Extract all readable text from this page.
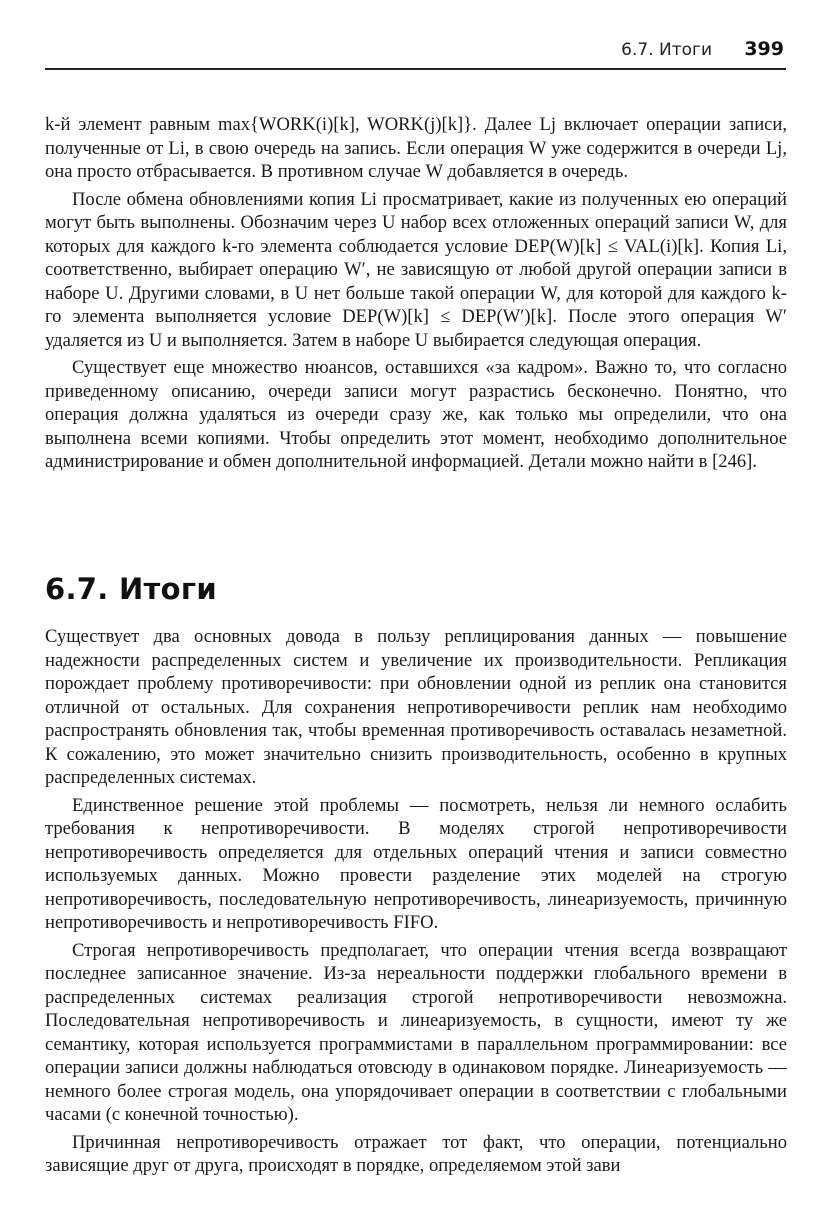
6.7. Итоги 399

k-й элемент равным max{WORK(i)[k], WORK(j)[k]}. Далее Lj включает операции записи, полученные от Li, в свою очередь на запись. Если операция W уже содержится в очереди Lj, она просто отбрасывается. В противном случае W добавляется в очередь.

После обмена обновлениями копия Li просматривает, какие из полученных ею операций могут быть выполнены. Обозначим через U набор всех отложенных операций записи W, для которых для каждого k-го элемента соблюдается условие DEP(W)[k] ≤ VAL(i)[k]. Копия Li, соответственно, выбирает операцию W′, не зависящую от любой другой операции записи в наборе U. Другими словами, в U нет больше такой операции W, для которой для каждого k-го элемента выполняется условие DEP(W)[k] ≤ DEP(W′)[k]. После этого операция W′ удаляется из U и выполняется. Затем в наборе U выбирается следующая операция.

Существует еще множество нюансов, оставшихся «за кадром». Важно то, что согласно приведенному описанию, очереди записи могут разрастись бесконечно. Понятно, что операция должна удаляться из очереди сразу же, как только мы определили, что она выполнена всеми копиями. Чтобы определить этот момент, необходимо дополнительное администрирование и обмен дополнительной информацией. Детали можно найти в [246].

6.7. Итоги

Существует два основных довода в пользу реплицирования данных — повышение надежности распределенных систем и увеличение их производительности. Репликация порождает проблему противоречивости: при обновлении одной из реплик она становится отличной от остальных. Для сохранения непротиворечивости реплик нам необходимо распространять обновления так, чтобы временная противоречивость оставалась незаметной. К сожалению, это может значительно снизить производительность, особенно в крупных распределенных системах.

Единственное решение этой проблемы — посмотреть, нельзя ли немного ослабить требования к непротиворечивости. В моделях строгой непротиворечивости непротиворечивость определяется для отдельных операций чтения и записи совместно используемых данных. Можно провести разделение этих моделей на строгую непротиворечивость, последовательную непротиворечивость, линеаризуемость, причинную непротиворечивость и непротиворечивость FIFO.

Строгая непротиворечивость предполагает, что операции чтения всегда возвращают последнее записанное значение. Из-за нереальности поддержки глобального времени в распределенных системах реализация строгой непротиворечивости невозможна. Последовательная непротиворечивость и линеаризуемость, в сущности, имеют ту же семантику, которая используется программистами в параллельном программировании: все операции записи должны наблюдаться отовсюду в одинаковом порядке. Линеаризуемость — немного более строгая модель, она упорядочивает операции в соответствии с глобальными часами (с конечной точностью).

Причинная непротиворечивость отражает тот факт, что операции, потенциально зависящие друг от друга, происходят в порядке, определяемом этой зави
